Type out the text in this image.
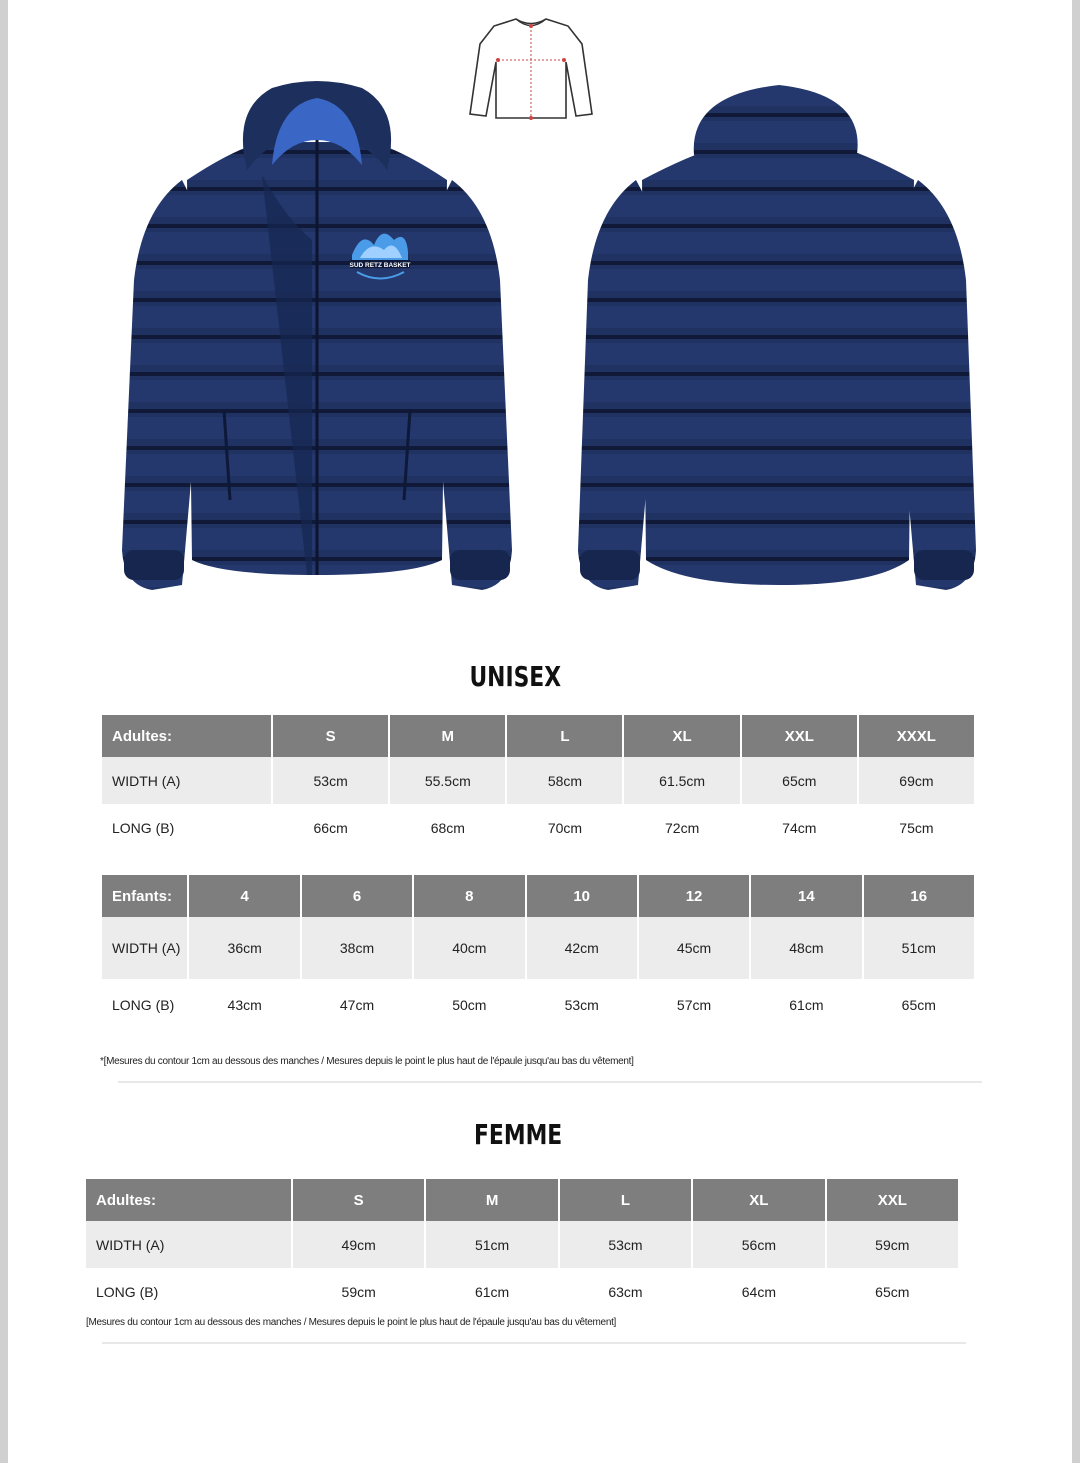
SUD RETZ BASKET
UNISEX
Adultes:	S	M	L	XL	XXL	XXXL
WIDTH (A)	53cm	55.5cm	58cm	61.5cm	65cm	69cm
LONG (B)	66cm	68cm	70cm	72cm	74cm	75cm
Enfants:	4	6	8	10	12	14	16
WIDTH (A)	36cm	38cm	40cm	42cm	45cm	48cm	51cm
LONG (B)	43cm	47cm	50cm	53cm	57cm	61cm	65cm
*[Mesures du contour 1cm au dessous des manches / Mesures depuis le point le plus haut de l'épaule jusqu'au bas du vêtement]
FEMME
Adultes:	S	M	L	XL	XXL
WIDTH (A)	49cm	51cm	53cm	56cm	59cm
LONG (B)	59cm	61cm	63cm	64cm	65cm
[Mesures du contour 1cm au dessous des manches / Mesures depuis le point le plus haut de l'épaule jusqu'au bas du vêtement]
